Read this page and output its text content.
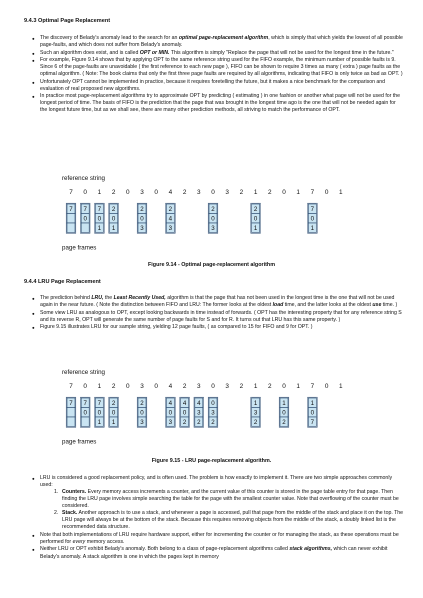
9.4.3 Optimal Page Replacement
● The discovery of Belady's anomaly lead to the search for an optimal page-replacement algorithm, which is simply that which yields the lowest of all possible page-faults, and which does not suffer from Belady's anomaly.
● Such an algorithm does exist, and is called OPT or MIN. This algorithm is simply "Replace the page that will not be used for the longest time in the future."
● For example, Figure 9.14 shows that by applying OPT to the same reference string used for the FIFO example, the minimum number of possible faults is 9. Since 6 of the page-faults are unavoidable ( the first reference to each new page ), FIFO can be shown to require 3 times as many ( extra ) page faults as the optimal algorithm. ( Note: The book claims that only the first three page faults are required by all algorithms, indicating that FIFO is only twice as bad as OPT. )
● Unfortunately OPT cannot be implemented in practice, because it requires foretelling the future, but it makes a nice benchmark for the comparison and evaluation of real proposed new algorithms.
● In practice most page-replacement algorithms try to approximate OPT by predicting ( estimating ) in one fashion or another what page will not be used for the longest period of time. The basis of FIFO is the prediction that the page that was brought in the longest time ago is the one that will not be needed again for the longest future time, but as we shall see, there are many other prediction methods, all striving to match the performance of OPT.
reference string
7 0 1 2 0 3 0 4 2 3 0 3 2 1 2 0 1 7 0 1
7 7
0
7
0
1
2
0
1
2
0
3
2
4
3
2
0
3
2
0
1
7
0
1
page frames
Figure 9.14 - Optimal page-replacement algorithm
9.4.4 LRU Page Replacement
● The prediction behind LRU, the Least Recently Used, algorithm is that the page that has not been used in the longest time is the one that will not be used again in the near future. ( Note the distinction between FIFO and LRU: The former looks at the oldest load time, and the latter looks at the oldest use time. )
● Some view LRU as analogous to OPT, except looking backwards in time instead of forwards. ( OPT has the interesting property that for any reference string S and its reverse R, OPT will generate the same number of page faults for S and for R. It turns out that LRU has this same property. )
● Figure 9.15 illustrates LRU for our sample string, yielding 12 page faults, ( as compared to 15 for FIFO and 9 for OPT. )
reference string
7 0 1 2 0 3 0 4 2 3 0 3 2 1 2 0 1 7 0 1
7 7
0
7
0
1
2
0
1
2
0
3
4
0
3
4
0
2
4
3
2
0
3
2
1
3
2
1
0
2
1
0
7
page frames
Figure 9.15 - LRU page-replacement algorithm.
● LRU is considered a good replacement policy, and is often used. The problem is how exactly to implement it. There are two simple approaches commonly used:
1. Counters. Every memory access increments a counter, and the current value of this counter is stored in the page table entry for that page. Then finding the LRU page involves simple searching the table for the page with the smallest counter value. Note that overflowing of the counter must be considered.
2. Stack. Another approach is to use a stack, and whenever a page is accessed, pull that page from the middle of the stack and place it on the top. The LRU page will always be at the bottom of the stack. Because this requires removing objects from the middle of the stack, a doubly linked list is the recommended data structure.
● Note that both implementations of LRU require hardware support, either for incrementing the counter or for managing the stack, as these operations must be performed for every memory access.
● Neither LRU or OPT exhibit Belady's anomaly. Both belong to a class of page-replacement algorithms called stack algorithms, which can never exhibit Belady's anomaly. A stack algorithm is one in which the pages kept in memory
